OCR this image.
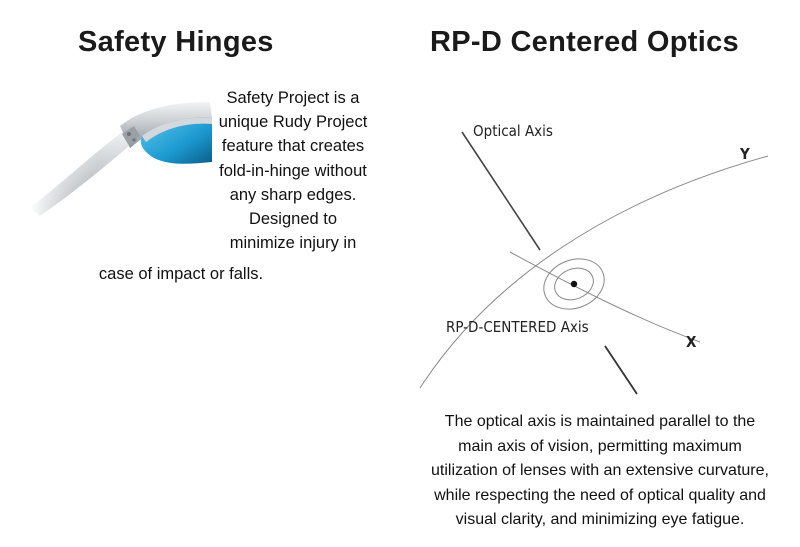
Safety Hinges
Safety Project is a
unique Rudy Project
feature that creates
fold-in-hinge without
any sharp edges.
Designed to
minimize injury in
case of impact or falls.
RP-D Centered Optics

Optical Axis

Y

RP-D-CENTERED Axis

X

The optical axis is maintained parallel to the
main axis of vision, permitting maximum
utilization of lenses with an extensive curvature,
while respecting the need of optical quality and
visual clarity, and minimizing eye fatigue.
